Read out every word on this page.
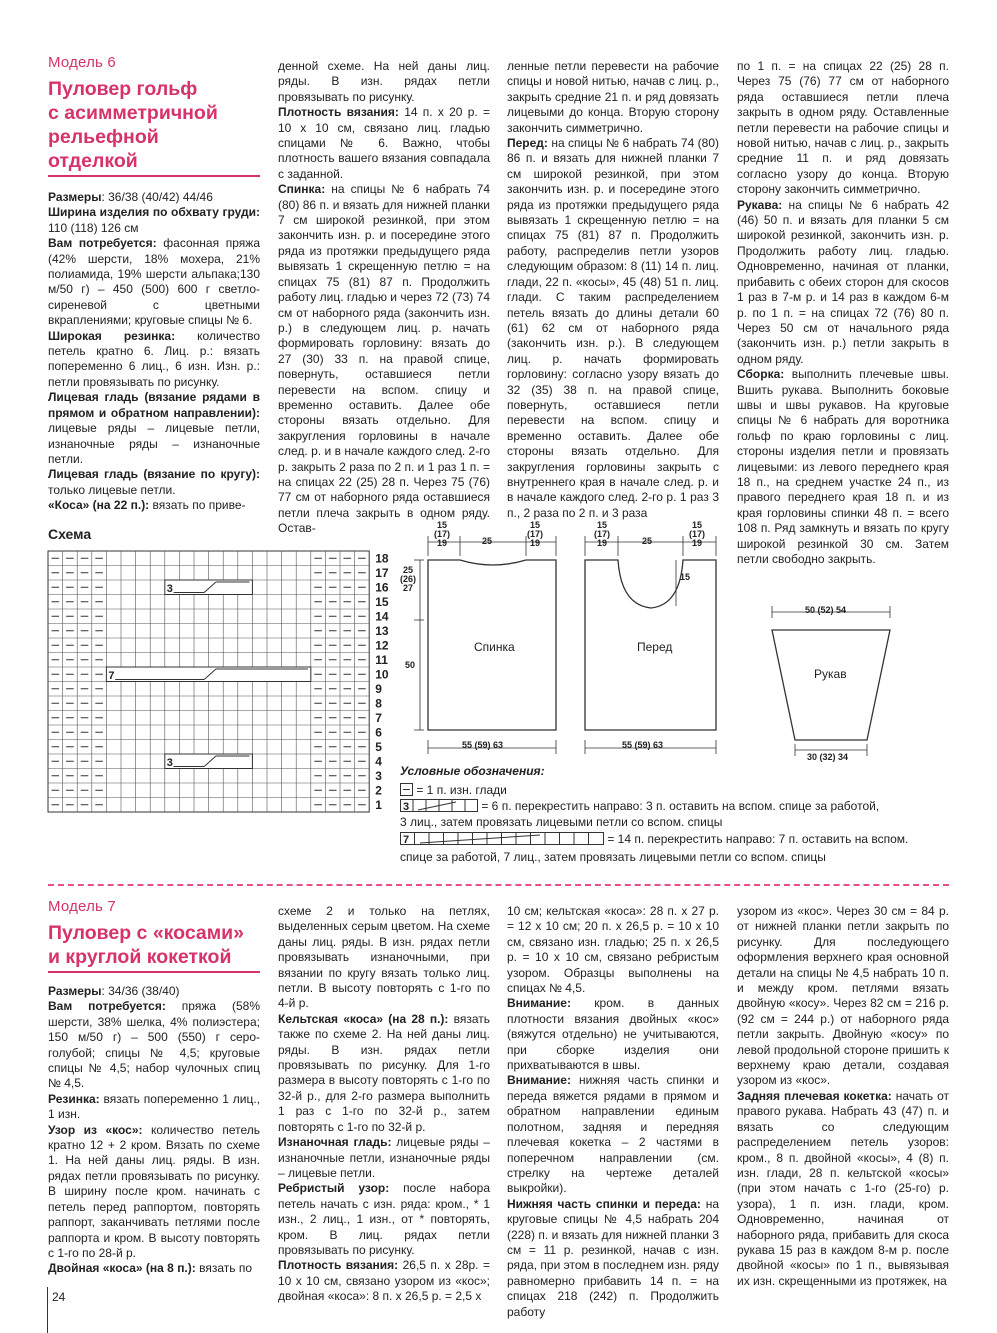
Модель 6
Пуловер гольф
с асимметричной
рельефной
отделкой

Размеры: 36/38 (40/42) 44/46

Ширина изделия по обхвату груди: 110 (118) 126 см

Вам потребуется: фасонная пряжа (42% шерсти, 18% мохера, 21% полиамида, 19% шерсти альпака;130 м/50 г) – 450 (500) 600 г светло-сиреневой с цветными вкраплениями; круговые спицы № 6.

Широкая резинка: количество петель кратно 6. Лиц. р.: вязать попеременно 6 лиц., 6 изн. Изн. р.: петли провязывать по рисунку.

Лицевая гладь (вязание рядами в прямом и обратном направлении): лицевые ряды – лицевые петли, изнаночные ряды – изнаночные петли.

Лицевая гладь (вязание по кругу): только лицевые петли.

«Коса» (на 22 п.): вязать по приве-

денной схеме. На ней даны лиц. ряды. В изн. рядах петли провязывать по рисунку.

Плотность вязания: 14 п. х 20 р. = 10 х 10 см, связано лиц. гладью спицами № 6. Важно, чтобы плотность вашего вязания совпадала с заданной.

Спинка: на спицы № 6 набрать 74 (80) 86 п. и вязать для нижней планки 7 см широкой резинкой, при этом закончить изн. р. и посередине этого ряда из протяжки предыдущего ряда вывязать 1 скрещенную петлю = на спицах 75 (81) 87 п. Продолжить работу лиц. гладью и через 72 (73) 74 см от наборного ряда (закончить изн. р.) в следующем лиц. р. начать формировать горловину: вязать до 27 (30) 33 п. на правой спице, повернуть, оставшиеся петли перевести на вспом. спицу и временно оставить. Далее обе стороны вязать отдельно. Для закругления горловины в начале след. р. и в начале каждого след. 2-го р. закрыть 2 раза по 2 п. и 1 раз 1 п. = на спицах 22 (25) 28 п. Через 75 (76) 77 см от наборного ряда оставшиеся петли плеча закрыть в одном ряду. Остав-

ленные петли перевести на рабочие спицы и новой нитью, начав с лиц. р., закрыть средние 21 п. и ряд довязать лицевыми до конца. Вторую сторону закончить симметрично.

Перед: на спицы № 6 набрать 74 (80) 86 п. и вязать для нижней планки 7 см широкой резинкой, при этом закончить изн. р. и посередине этого ряда из протяжки предыдущего ряда вывязать 1 скрещенную петлю = на спицах 75 (81) 87 п. Продолжить работу, распределив петли узоров следующим образом: 8 (11) 14 п. лиц. глади, 22 п. «косы», 45 (48) 51 п. лиц. глади. С таким распределением петель вязать до длины детали 60 (61) 62 см от наборного ряда (закончить изн. р.). В следующем лиц. р. начать формировать горловину: согласно узору вязать до 32 (35) 38 п. на правой спице, повернуть, оставшиеся петли перевести на вспом. спицу и временно оставить. Далее обе стороны вязать отдельно. Для закругления горловины закрыть с внутреннего края в начале след. р. и в начале каждого след. 2-го р. 1 раз 3 п., 2 раза по 2 п. и 3 раза

по 1 п. = на спицах 22 (25) 28 п. Через 75 (76) 77 см от наборного ряда оставшиеся петли плеча закрыть в одном ряду. Оставленные петли перевести на рабочие спицы и новой нитью, начав с лиц. р., закрыть средние 11 п. и ряд довязать согласно узору до конца. Вторую сторону закончить симметрично.

Рукава: на спицы № 6 набрать 42 (46) 50 п. и вязать для планки 5 см широкой резинкой, закончить изн. р. Продолжить работу лиц. гладью. Одновременно, начиная от планки, прибавить с обеих сторон для скосов 1 раз в 7-м р. и 14 раз в каждом 6-м р. по 1 п. = на спицах 72 (76) 80 п. Через 50 см от начального ряда (закончить изн. р.) петли закрыть в одном ряду.

Сборка: выполнить плечевые швы. Вшить рукава. Выполнить боковые швы и швы рукавов. На круговые спицы № 6 набрать для воротника гольф по краю горловины с лиц. стороны изделия петли и провязать лицевыми: из левого переднего края 18 п., на среднем участке 24 п., из правого переднего края 18 п. и из края горловины спинки 48 п. = всего 108 п. Ряд замкнуть и вязать по кругу широкой резинкой 30 см. Затем петли свободно закрыть.

Схема
3
3
7
18
17
16
15
14
13
12
11
10
9
8
7
6
5
4
3
2
1
Спинка	Перед
15
(17)
19	25
15
(17)
19
15
(17)
19	25
15
(17)
19
25
(26)
27
50
15
55 (59) 63	55 (59) 63
50 (52) 54
Рукав
30 (32) 34
Условные обозначения:
= 1 п. изн. глади
3	= 6 п. перекрестить направо: 3 п. оставить на вспом. спице за работой,
3 лиц., затем провязать лицевыми петли со вспом. спицы
7	= 14 п. перекрестить направо: 7 п. оставить на вспом.
спице за работой, 7 лиц., затем провязать лицевыми петли со вспом. спицы
Модель 7
Пуловер с «косами»
и круглой кокеткой

Размеры: 34/36 (38/40)

Вам потребуется: пряжа (58% шерсти, 38% шелка, 4% полиэстера; 150 м/50 г) – 500 (550) г серо-голубой; спицы № 4,5; круговые спицы № 4,5; набор чулочных спиц № 4,5.

Резинка: вязать попеременно 1 лиц., 1 изн.

Узор из «кос»: количество петель кратно 12 + 2 кром. Вязать по схеме 1. На ней даны лиц. ряды. В изн. рядах петли провязывать по рисунку. В ширину после кром. начинать с петель перед раппортом, повторять раппорт, заканчивать петлями после раппорта и кром. В высоту повторять с 1-го по 28-й р.

Двойная «коса» (на 8 п.): вязать по

схеме 2 и только на петлях, выделенных серым цветом. На схеме даны лиц. ряды. В изн. рядах петли провязывать изнаночными, при вязании по кругу вязать только лиц. петли. В высоту повторять с 1-го по 4-й р.

Кельтская «коса» (на 28 п.): вязать также по схеме 2. На ней даны лиц. ряды. В изн. рядах петли провязывать по рисунку. Для 1-го размера в высоту повторять с 1-го по 32-й р., для 2-го размера выполнить 1 раз с 1-го по 32-й р., затем повторять с 1-го по 32-й р.

Изнаночная гладь: лицевые ряды – изнаночные петли, изнаночные ряды – лицевые петли.

Ребристый узор: после набора петель начать с изн. ряда: кром., * 1 изн., 2 лиц., 1 изн., от * повторять, кром. В лиц. рядах петли провязывать по рисунку.

Плотность вязания: 26,5 п. х 28р. = 10 х 10 см, связано узором из «кос»; двойная «коса»: 8 п. х 26,5 р. = 2,5 х

10 см; кельтская «коса»: 28 п. х 27 р. = 12 х 10 см; 20 п. х 26,5 р. = 10 х 10 см, связано изн. гладью; 25 п. х 26,5 р. = 10 х 10 см, связано ребристым узором. Образцы выполнены на спицах № 4,5.

Внимание: кром. в данных плотности вязания двойных «кос» (вяжутся отдельно) не учитываются, при сборке изделия они прихватываются в швы.

Внимание: нижняя часть спинки и переда вяжется рядами в прямом и обратном направлении единым полотном, задняя и передняя плечевая кокетка – 2 частями в поперечном направлении (см. стрелку на чертеже деталей выкройки).

Нижняя часть спинки и переда: на круговые спицы № 4,5 набрать 204 (228) п. и вязать для нижней планки 3 см = 11 р. резинкой, начав с изн. ряда, при этом в последнем изн. ряду равномерно прибавить 14 п. = на спицах 218 (242) п. Продолжить работу

узором из «кос». Через 30 см = 84 р. от нижней планки петли закрыть по рисунку. Для последующего оформления верхнего края основной детали на спицы № 4,5 набрать 10 п. и между кром. петлями вязать двойную «косу». Через 82 см = 216 р. (92 см = 244 р.) от наборного ряда петли закрыть. Двойную «косу» по левой продольной стороне пришить к верхнему краю детали, создавая узором из «кос».

Задняя плечевая кокетка: начать от правого рукава. Набрать 43 (47) п. и вязать со следующим распределением петель узоров: кром., 8 п. двойной «косы», 4 (8) п. изн. глади, 28 п. кельтской «косы» (при этом начать с 1-го (25-го) р. узора), 1 п. изн. глади, кром. Одновременно, начиная от наборного ряда, прибавить для скоса рукава 15 раз в каждом 8-м р. после двойной «косы» по 1 п., вывязывая их изн. скрещенными из протяжек, на

24
